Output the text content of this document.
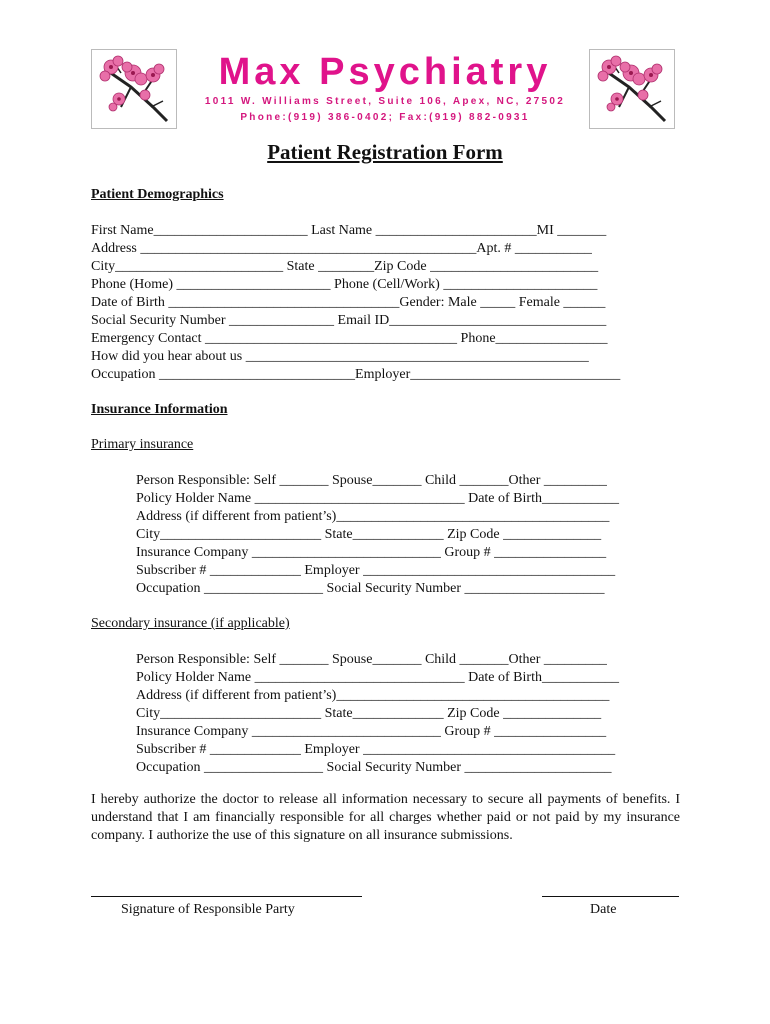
Max Psychiatry
1011 W. Williams Street, Suite 106, Apex, NC, 27502
Phone:(919) 386-0402; Fax:(919) 882-0931
Patient Registration Form
Patient Demographics
First Name______________________ Last Name _______________________MI _______
Address ________________________________________________Apt. # ___________
City________________________ State ________Zip Code ________________________
Phone (Home) ______________________ Phone (Cell/Work) ______________________
Date of Birth _________________________________Gender: Male _____ Female ______
Social Security Number _______________ Email ID_______________________________
Emergency Contact ____________________________________ Phone________________
How did you hear about us _________________________________________________
Occupation ____________________________Employer______________________________
Insurance Information
Primary insurance
Person Responsible: Self _______ Spouse_______ Child _______Other _________
Policy Holder Name ______________________________ Date of Birth___________
Address (if different from patient’s)_______________________________________
City_______________________ State_____________ Zip Code ______________
Insurance Company ___________________________ Group # ________________
Subscriber # _____________ Employer ____________________________________
Occupation _________________ Social Security Number ____________________
Secondary insurance (if applicable)
Person Responsible: Self _______ Spouse_______ Child _______Other _________
Policy Holder Name ______________________________ Date of Birth___________
Address (if different from patient’s)_______________________________________
City_______________________ State_____________ Zip Code ______________
Insurance Company ___________________________ Group # ________________
Subscriber # _____________ Employer ____________________________________
Occupation _________________ Social Security Number _____________________
I hereby authorize the doctor to release all information necessary to secure all payments of benefits. I understand that I am financially responsible for all charges whether paid or not paid by my insurance company. I authorize the use of this signature on all insurance submissions.
Signature of Responsible Party	Date
